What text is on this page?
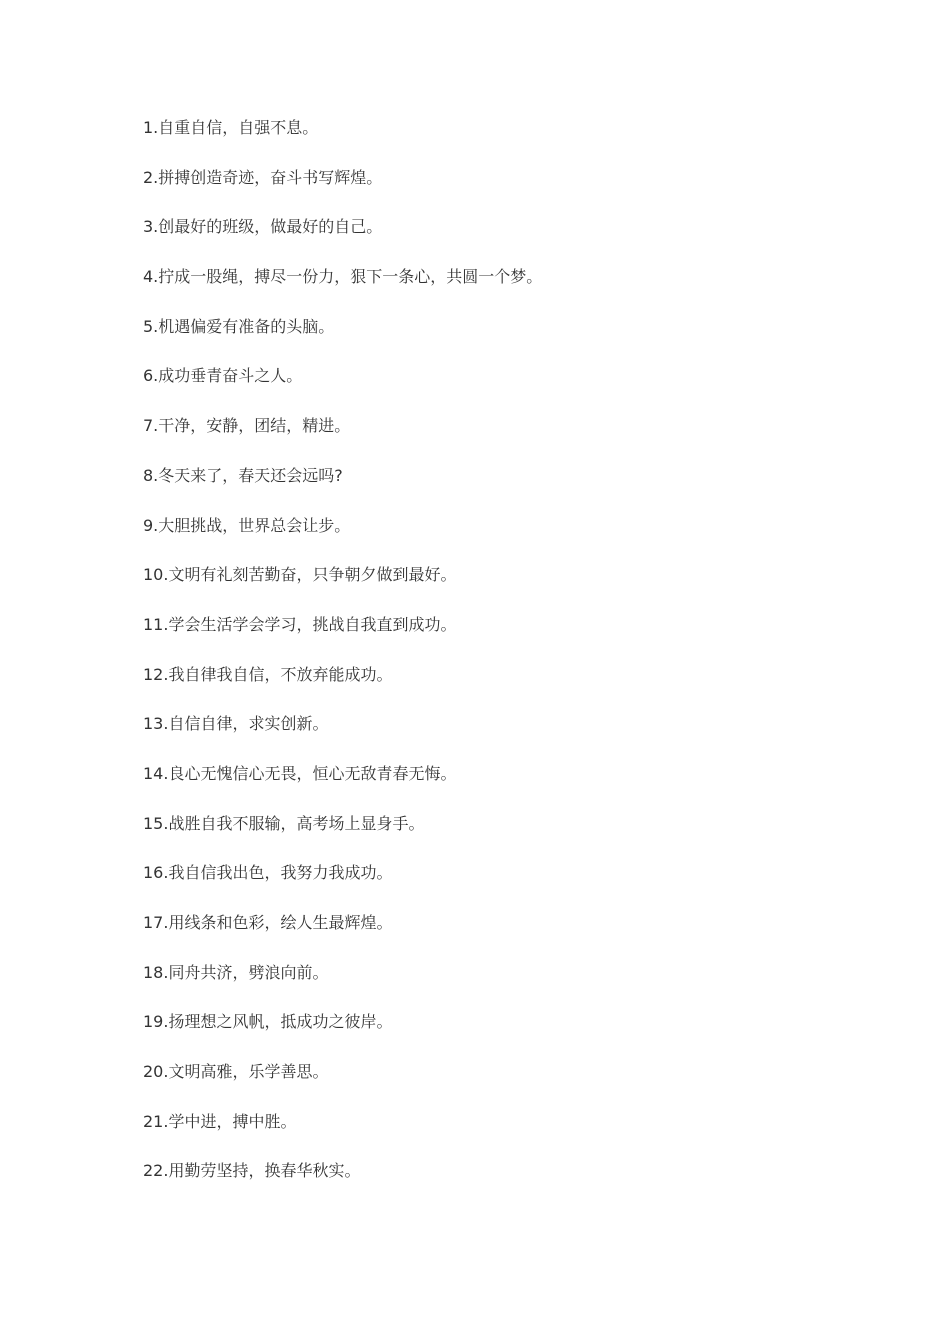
1.自重自信，自强不息。
2.拼搏创造奇迹，奋斗书写辉煌。
3.创最好的班级，做最好的自己。
4.拧成一股绳，搏尽一份力，狠下一条心，共圆一个梦。
5.机遇偏爱有准备的头脑。
6.成功垂青奋斗之人。
7.干净，安静，团结，精进。
8.冬天来了，春天还会远吗?
9.大胆挑战，世界总会让步。
10.文明有礼刻苦勤奋，只争朝夕做到最好。
11.学会生活学会学习，挑战自我直到成功。
12.我自律我自信，不放弃能成功。
13.自信自律，求实创新。
14.良心无愧信心无畏，恒心无敌青春无悔。
15.战胜自我不服输，高考场上显身手。
16.我自信我出色，我努力我成功。
17.用线条和色彩，绘人生最辉煌。
18.同舟共济，劈浪向前。
19.扬理想之风帆，抵成功之彼岸。
20.文明高雅，乐学善思。
21.学中进，搏中胜。
22.用勤劳坚持，换春华秋实。
